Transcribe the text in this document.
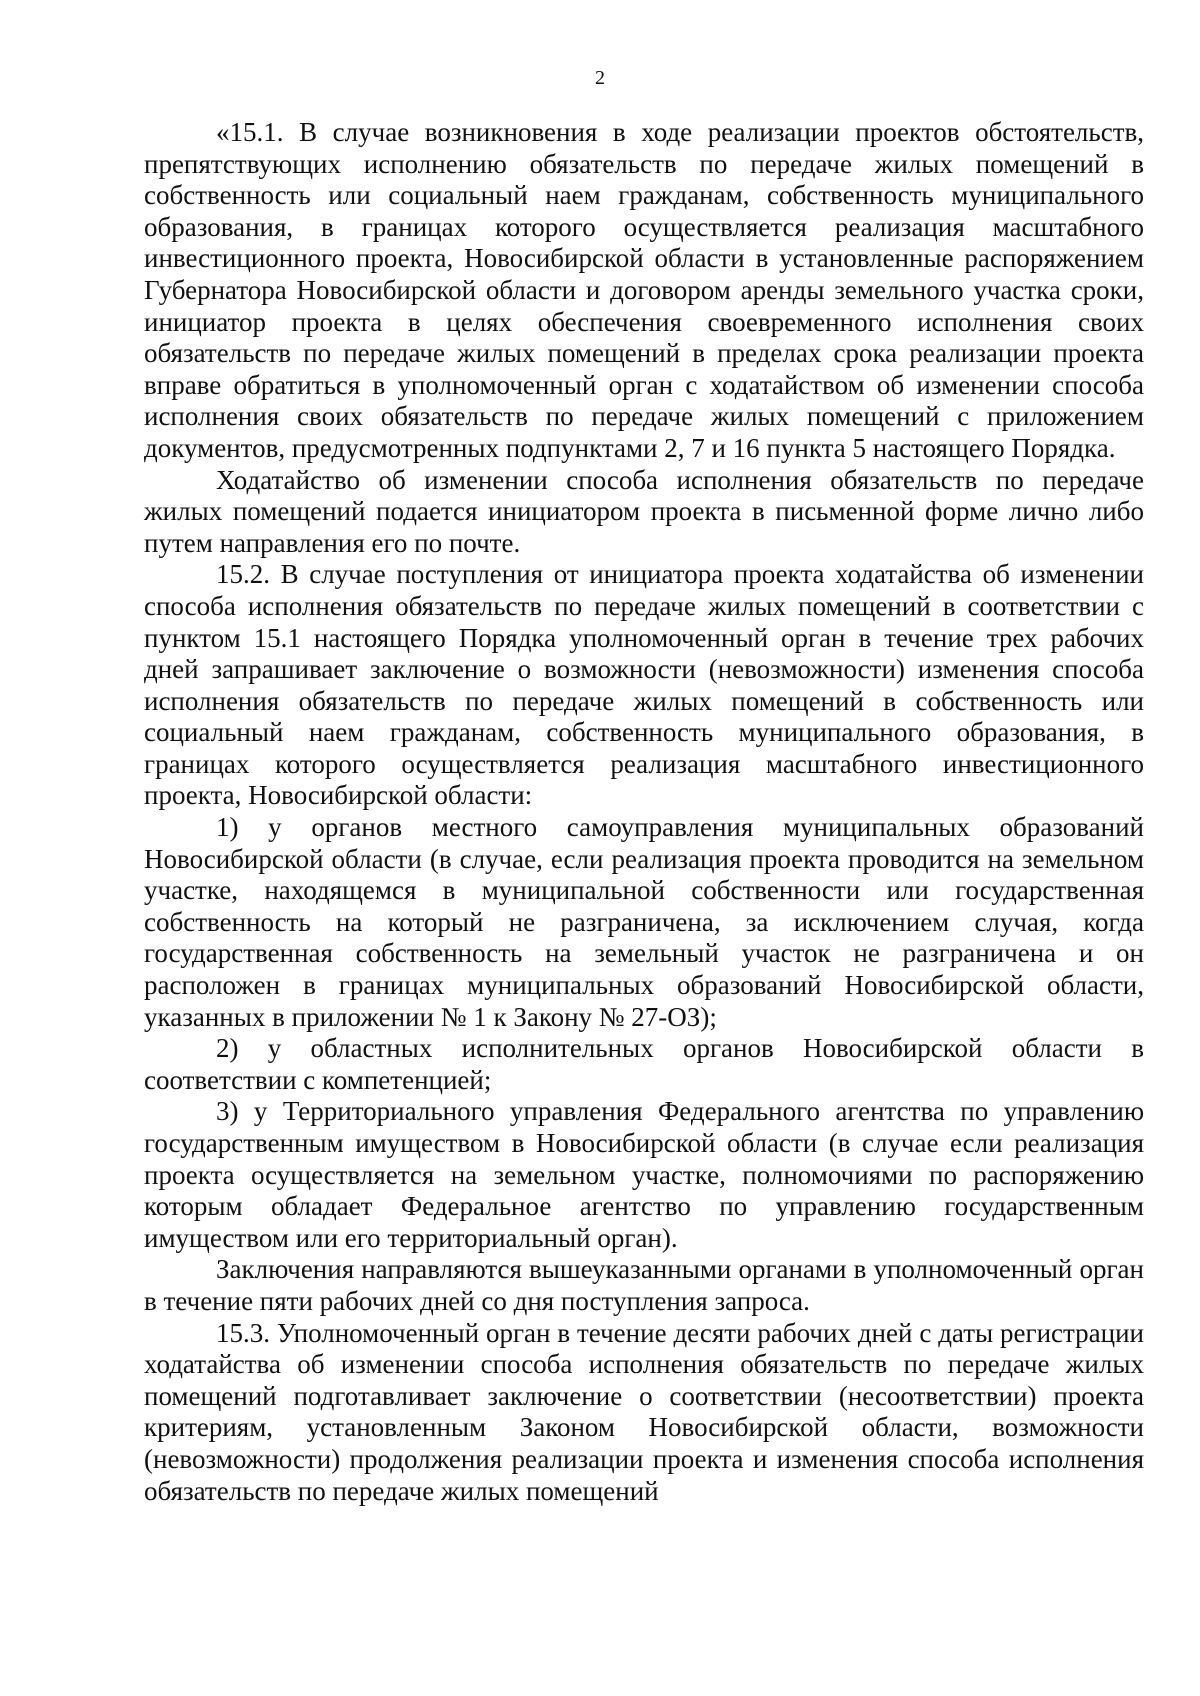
2

«15.1. В случае возникновения в ходе реализации проектов обстоятельств, препятствующих исполнению обязательств по передаче жилых помещений в собственность или социальный наем гражданам, собственность муниципального образования, в границах которого осуществляется реализация масштабного инвестиционного проекта, Новосибирской области в установленные распоряжением Губернатора Новосибирской области и договором аренды земельного участка сроки, инициатор проекта в целях обеспечения своевременного исполнения своих обязательств по передаче жилых помещений в пределах срока реализации проекта вправе обратиться в уполномоченный орган с ходатайством об изменении способа исполнения своих обязательств по передаче жилых помещений с приложением документов, предусмотренных подпунктами 2, 7 и 16 пункта 5 настоящего Порядка.

Ходатайство об изменении способа исполнения обязательств по передаче жилых помещений подается инициатором проекта в письменной форме лично либо путем направления его по почте.

15.2. В случае поступления от инициатора проекта ходатайства об изменении способа исполнения обязательств по передаче жилых помещений в соответствии с пунктом 15.1 настоящего Порядка уполномоченный орган в течение трех рабочих дней запрашивает заключение о возможности (невозможности) изменения способа исполнения обязательств по передаче жилых помещений в собственность или социальный наем гражданам, собственность муниципального образования, в границах которого осуществляется реализация масштабного инвестиционного проекта, Новосибирской области:

1) у органов местного самоуправления муниципальных образований Новосибирской области (в случае, если реализация проекта проводится на земельном участке, находящемся в муниципальной собственности или государственная собственность на который не разграничена, за исключением случая, когда государственная собственность на земельный участок не разграничена и он расположен в границах муниципальных образований Новосибирской области, указанных в приложении № 1 к Закону № 27-ОЗ);

2) у областных исполнительных органов Новосибирской области в соответствии с компетенцией;

3) у Территориального управления Федерального агентства по управлению государственным имуществом в Новосибирской области (в случае если реализация проекта осуществляется на земельном участке, полномочиями по распоряжению которым обладает Федеральное агентство по управлению государственным имуществом или его территориальный орган).

Заключения направляются вышеуказанными органами в уполномоченный орган в течение пяти рабочих дней со дня поступления запроса.

15.3. Уполномоченный орган в течение десяти рабочих дней с даты регистрации ходатайства об изменении способа исполнения обязательств по передаче жилых помещений подготавливает заключение о соответствии (несоответствии) проекта критериям, установленным Законом Новосибирской области, возможности (невозможности) продолжения реализации проекта и изменения способа исполнения обязательств по передаче жилых помещений
